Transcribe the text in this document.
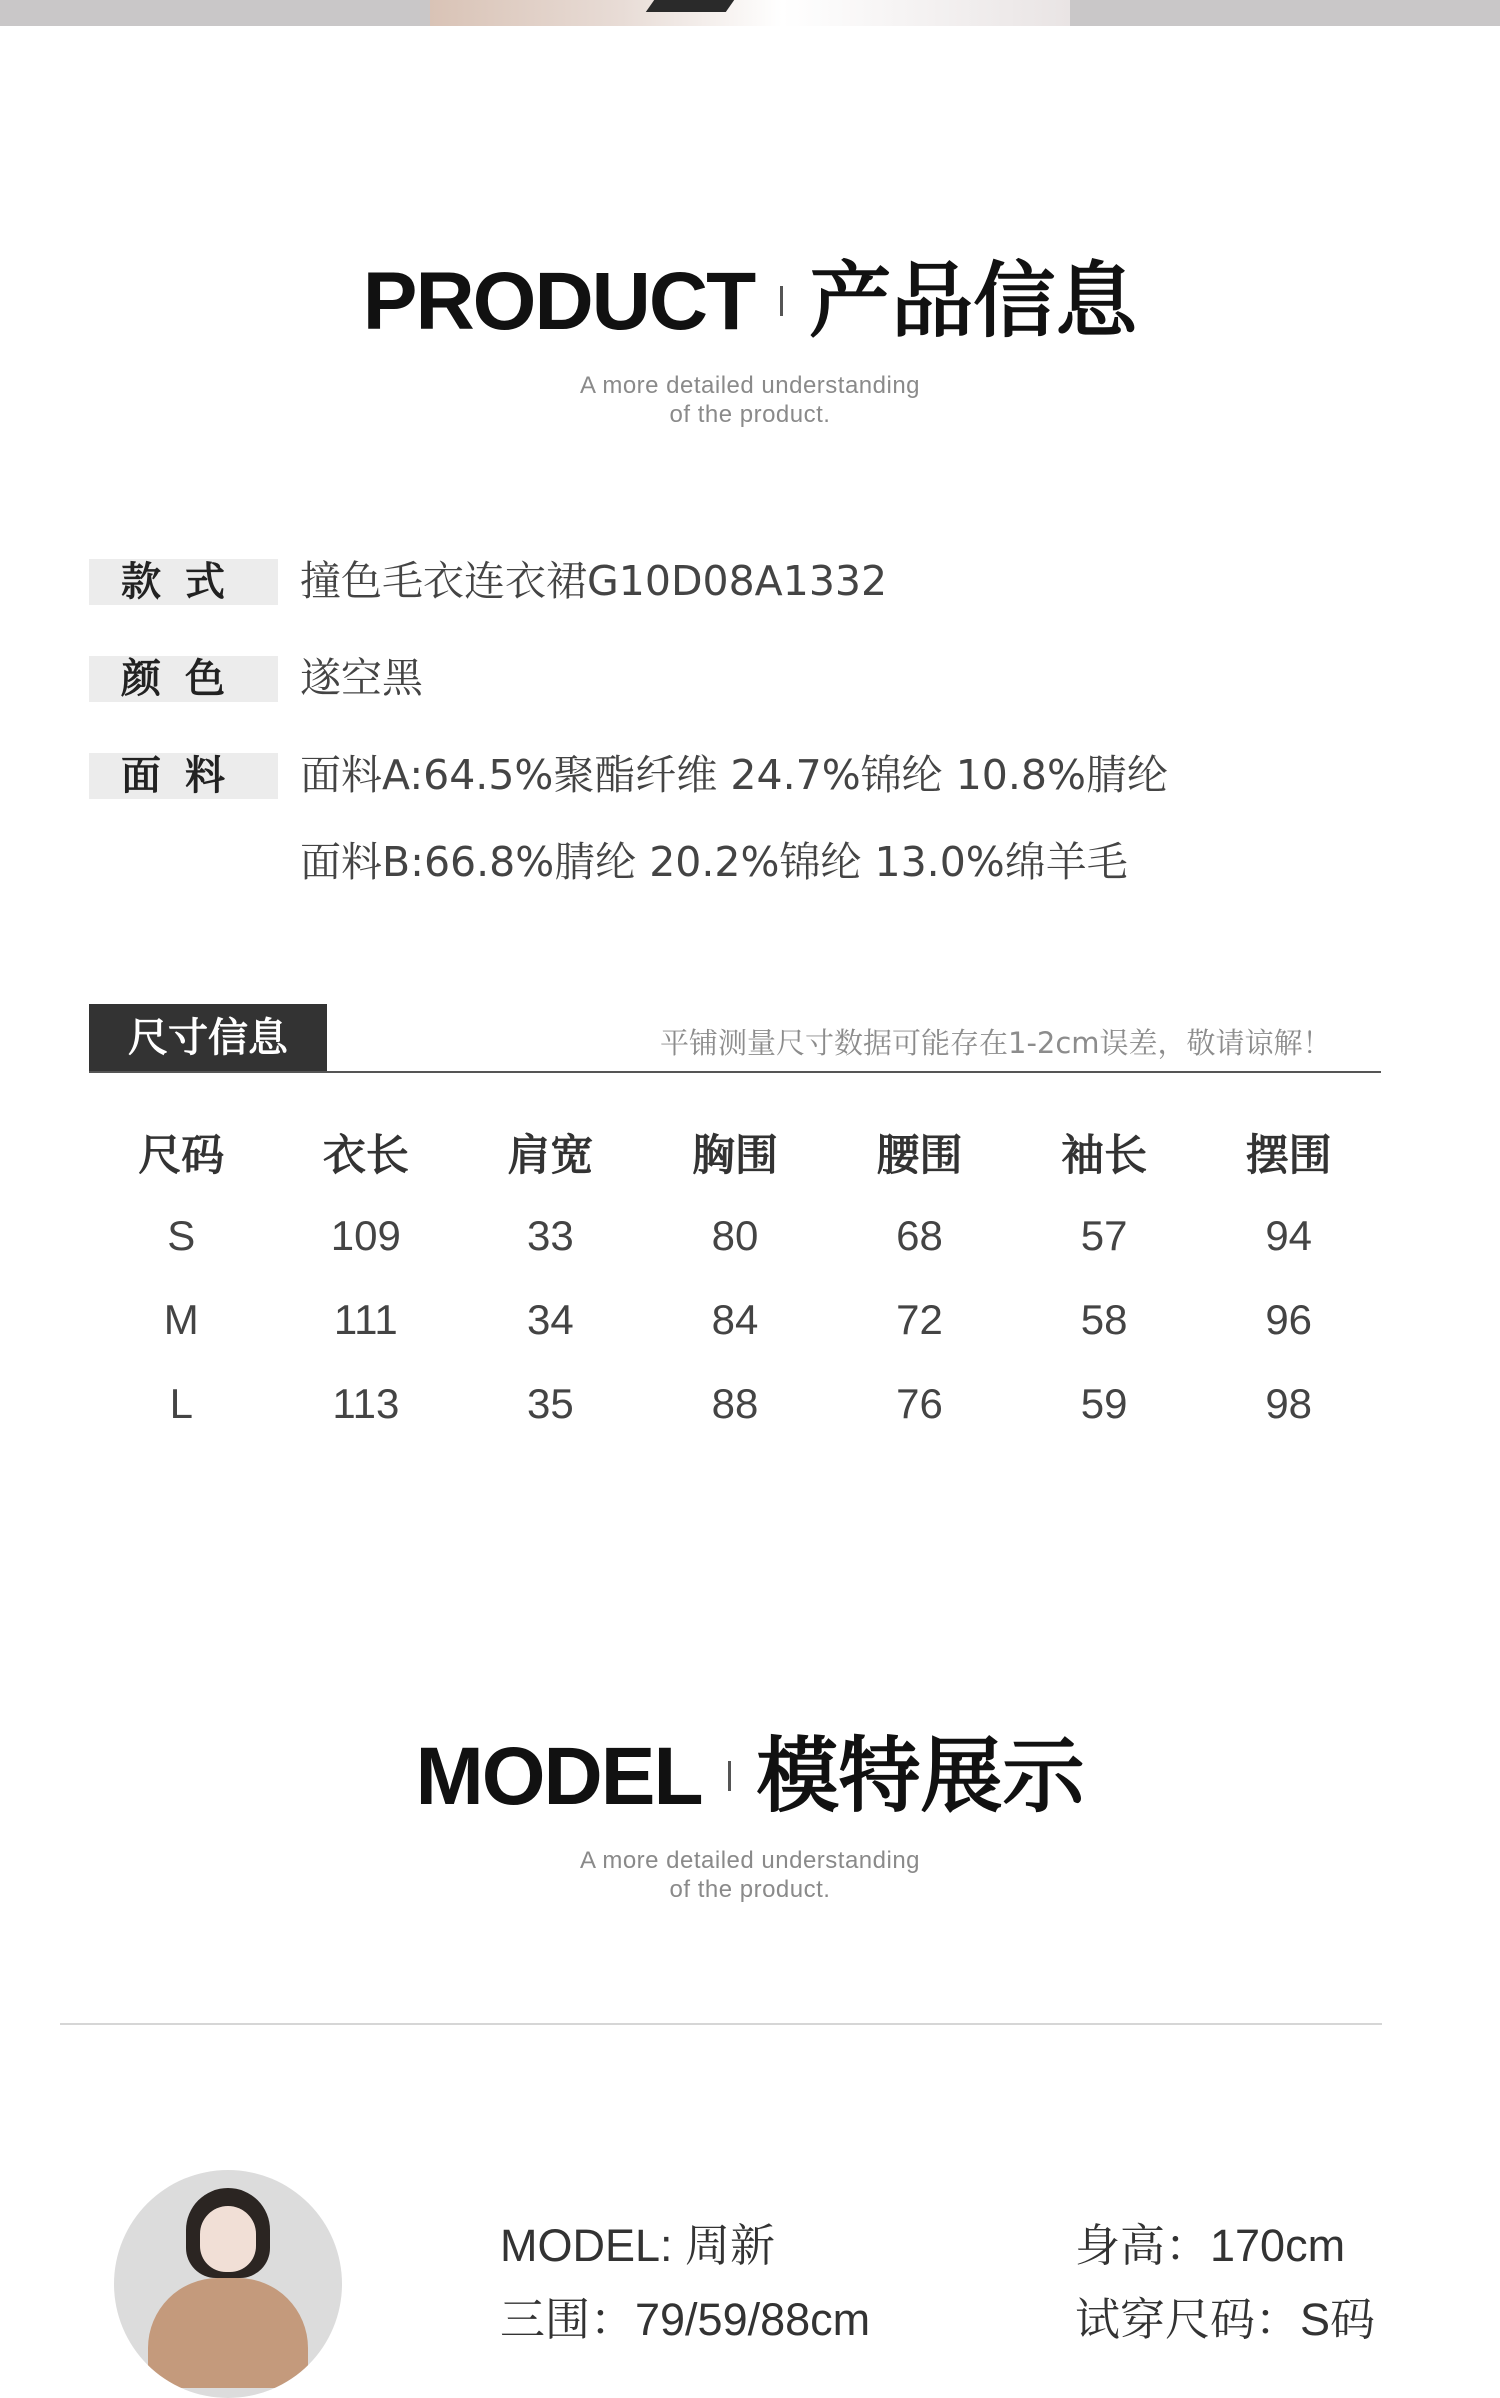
PRODUCT 产品信息
A more detailed understanding
of the product.
款式	撞色毛衣连衣裙G10D08A1332
颜色	遂空黑
面料	面料A:64.5%聚酯纤维 24.7%锦纶 10.8%腈纶
面料B:66.8%腈纶 20.2%锦纶 13.0%绵羊毛
尺寸信息	平铺测量尺寸数据可能存在1-2cm误差，敬请谅解！
尺码	衣长	肩宽	胸围	腰围	袖长	摆围
S	109	33	80	68	57	94
M	111	34	84	72	58	96
L	113	35	88	76	59	98
MODEL 模特展示
A more detailed understanding
of the product.
MODEL: 周新	身高：170cm
三围：79/59/88cm	试穿尺码：S码
